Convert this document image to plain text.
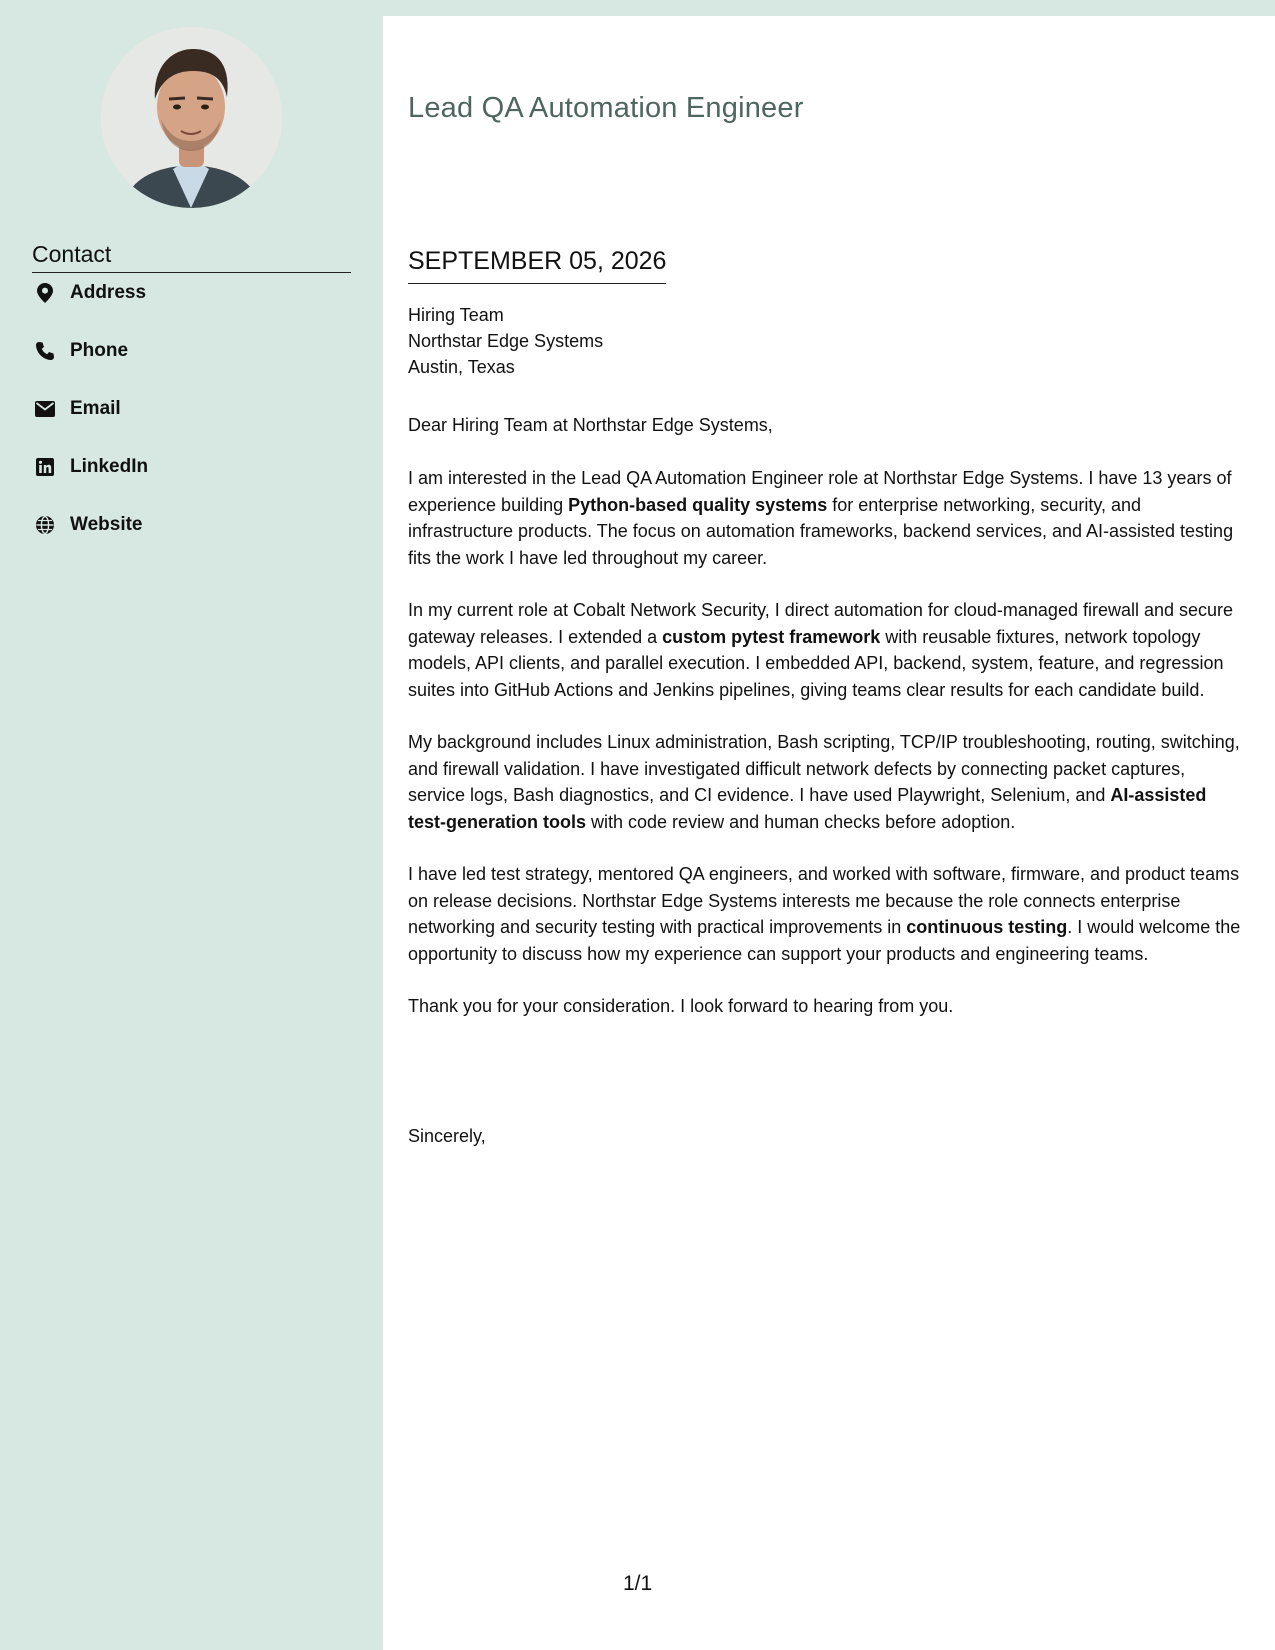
Contact
Address
Phone
Email
LinkedIn
Website
Lead QA Automation Engineer
SEPTEMBER 05, 2026
Hiring Team
Northstar Edge Systems
Austin, Texas
Dear Hiring Team at Northstar Edge Systems,

I am interested in the Lead QA Automation Engineer role at Northstar Edge Systems. I have 13 years of experience building Python-based quality systems for enterprise networking, security, and infrastructure products. The focus on automation frameworks, backend services, and AI-assisted testing fits the work I have led throughout my career.

In my current role at Cobalt Network Security, I direct automation for cloud-managed firewall and secure gateway releases. I extended a custom pytest framework with reusable fixtures, network topology models, API clients, and parallel execution. I embedded API, backend, system, feature, and regression suites into GitHub Actions and Jenkins pipelines, giving teams clear results for each candidate build.

My background includes Linux administration, Bash scripting, TCP/IP troubleshooting, routing, switching, and firewall validation. I have investigated difficult network defects by connecting packet captures, service logs, Bash diagnostics, and CI evidence. I have used Playwright, Selenium, and AI-assisted test-generation tools with code review and human checks before adoption.

I have led test strategy, mentored QA engineers, and worked with software, firmware, and product teams on release decisions. Northstar Edge Systems interests me because the role connects enterprise networking and security testing with practical improvements in continuous testing. I would welcome the opportunity to discuss how my experience can support your products and engineering teams.

Thank you for your consideration. I look forward to hearing from you.

Sincerely,
1/1
